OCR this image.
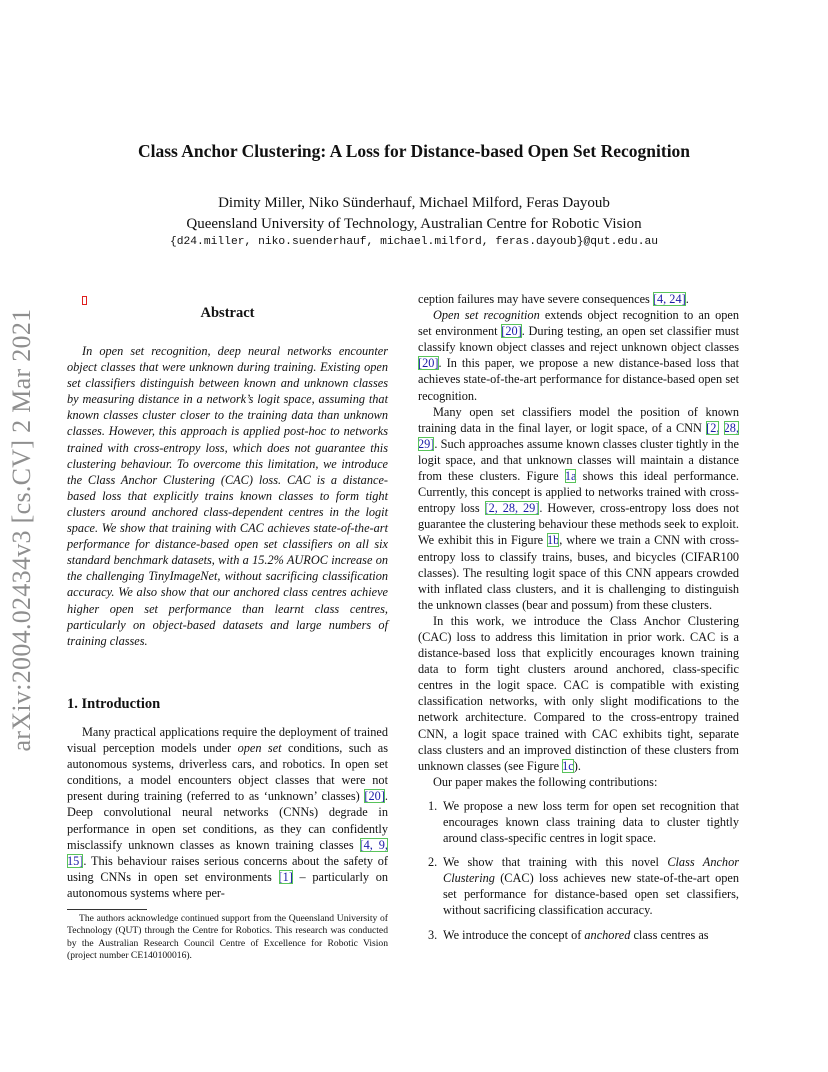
Class Anchor Clustering: A Loss for Distance-based Open Set Recognition
Dimity Miller, Niko Sünderhauf, Michael Milford, Feras Dayoub
Queensland University of Technology, Australian Centre for Robotic Vision
{d24.miller, niko.suenderhauf, michael.milford, feras.dayoub}@qut.edu.au
arXiv:2004.02434v3 [cs.CV] 2 Mar 2021	Abstract

In open set recognition, deep neural networks encounter object classes that were unknown during training. Existing open set classifiers distinguish between known and unknown classes by measuring distance in a network’s logit space, assuming that known classes cluster closer to the training data than unknown classes. However, this approach is applied post-hoc to networks trained with cross-entropy loss, which does not guarantee this clustering behaviour. To overcome this limitation, we introduce the Class Anchor Clustering (CAC) loss. CAC is a distance-based loss that explicitly trains known classes to form tight clusters around anchored class-dependent centres in the logit space. We show that training with CAC achieves state-of-the-art performance for distance-based open set classifiers on all six standard benchmark datasets, with a 15.2% AUROC increase on the challenging TinyImageNet, without sacrificing classification accuracy. We also show that our anchored class centres achieve higher open set performance than learnt class centres, particularly on object-based datasets and large numbers of training classes.

1. Introduction

Many practical applications require the deployment of trained visual perception models under open set conditions, such as autonomous systems, driverless cars, and robotics. In open set conditions, a model encounters object classes that were not present during training (referred to as ‘unknown’ classes) [20]. Deep convolutional neural networks (CNNs) degrade in performance in open set conditions, as they can confidently misclassify unknown classes as known training classes [4, 9, 15]. This behaviour raises serious concerns about the safety of using CNNs in open set environments [1] – particularly on autonomous systems where per-

The authors acknowledge continued support from the Queensland University of Technology (QUT) through the Centre for Robotics. This research was conducted by the Australian Research Council Centre of Excellence for Robotic Vision (project number CE140100016).

ception failures may have severe consequences [4, 24].

Open set recognition extends object recognition to an open set environment [20]. During testing, an open set classifier must classify known object classes and reject unknown object classes [20]. In this paper, we propose a new distance-based loss that achieves state-of-the-art performance for distance-based open set recognition.

Many open set classifiers model the position of known training data in the final layer, or logit space, of a CNN [2, 28, 29]. Such approaches assume known classes cluster tightly in the logit space, and that unknown classes will maintain a distance from these clusters. Figure 1a shows this ideal performance. Currently, this concept is applied to networks trained with cross-entropy loss [2, 28, 29]. However, cross-entropy loss does not guarantee the clustering behaviour these methods seek to exploit. We exhibit this in Figure 1b, where we train a CNN with cross-entropy loss to classify trains, buses, and bicycles (CIFAR100 classes). The resulting logit space of this CNN appears crowded with inflated class clusters, and it is challenging to distinguish the unknown classes (bear and possum) from these clusters.

In this work, we introduce the Class Anchor Clustering (CAC) loss to address this limitation in prior work. CAC is a distance-based loss that explicitly encourages known training data to form tight clusters around anchored, class-specific centres in the logit space. CAC is compatible with existing classification networks, with only slight modifications to the network architecture. Compared to the cross-entropy trained CNN, a logit space trained with CAC exhibits tight, separate class clusters and an improved distinction of these clusters from unknown classes (see Figure 1c).

Our paper makes the following contributions:

1. We propose a new loss term for open set recognition that encourages known class training data to cluster tightly around class-specific centres in logit space.
2. We show that training with this novel Class Anchor Clustering (CAC) loss achieves new state-of-the-art open set performance for distance-based open set classifiers, without sacrificing classification accuracy.
3. We introduce the concept of anchored class centres as
